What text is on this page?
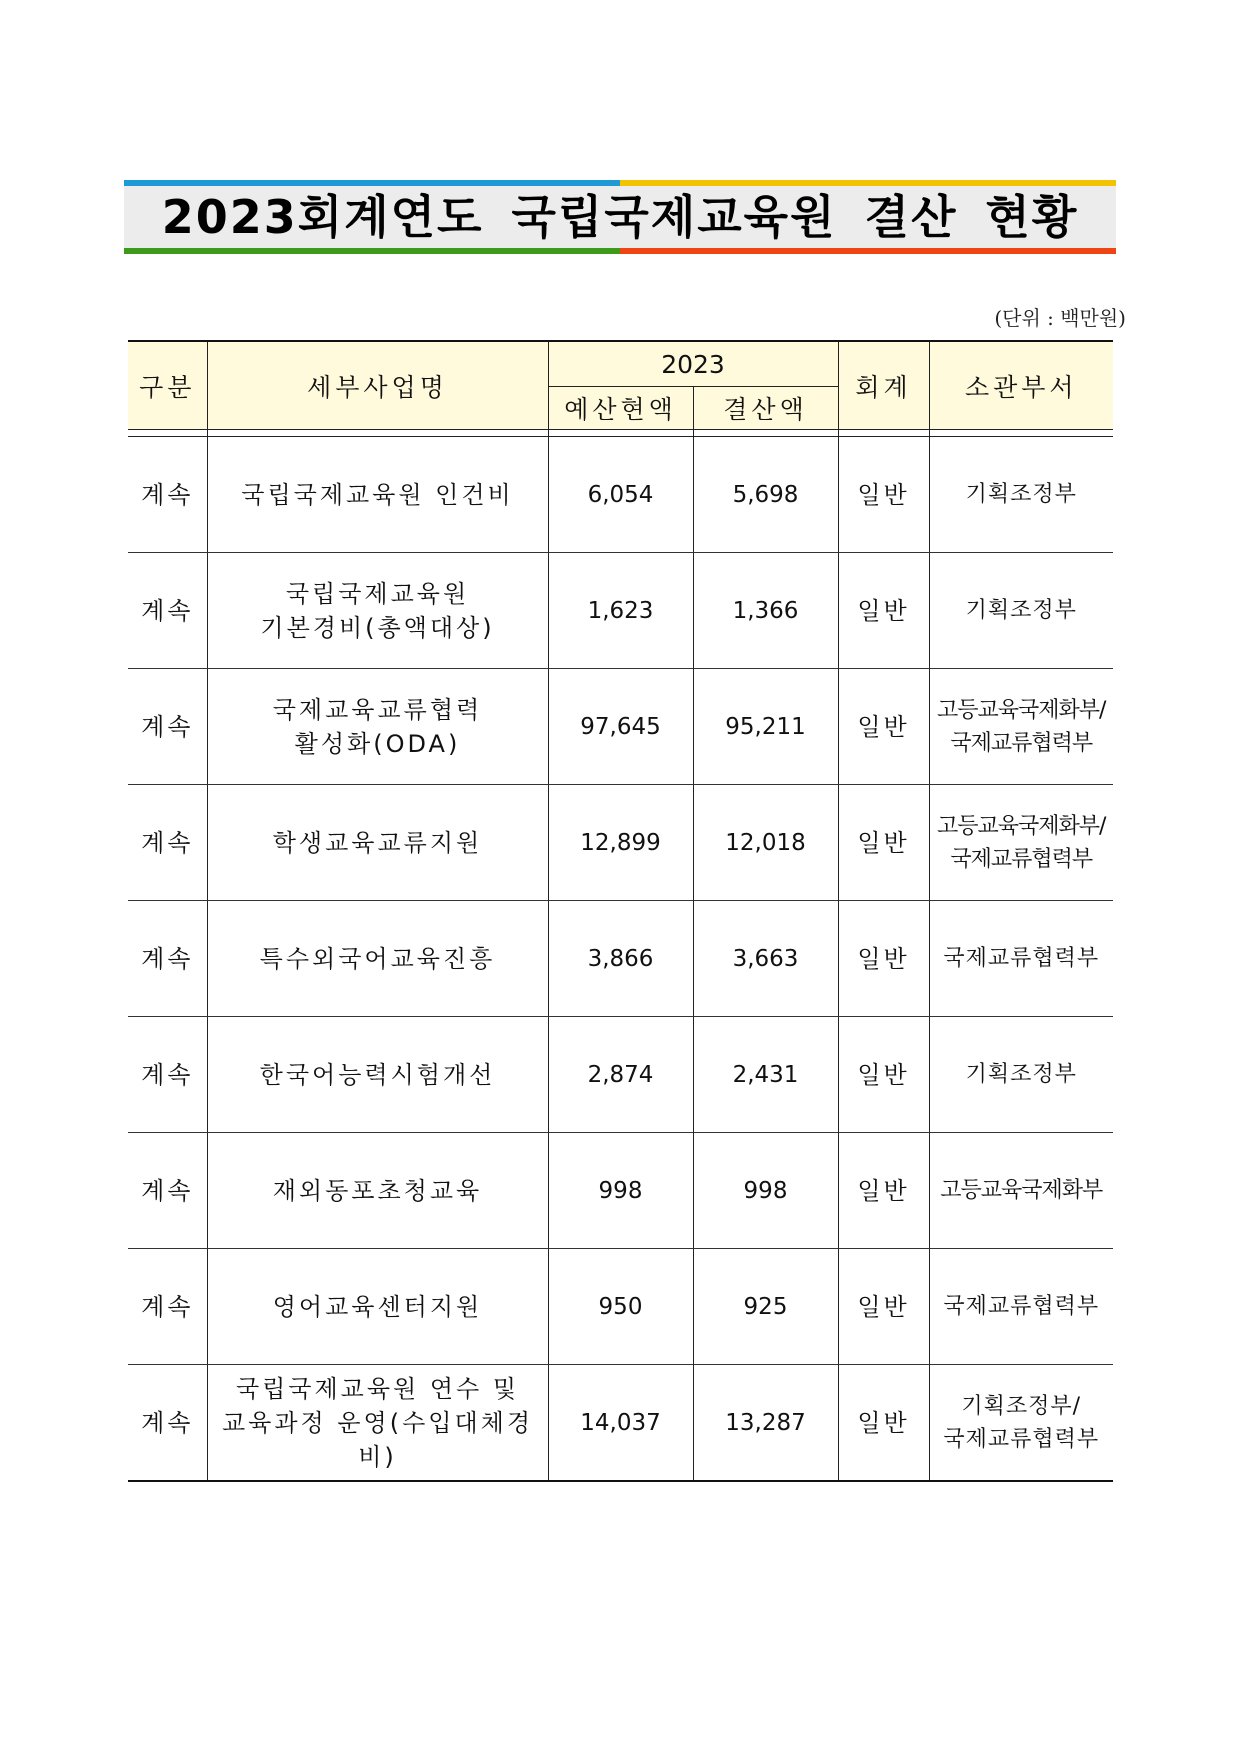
2023회계연도 국립국제교육원 결산 현황
(단위 : 백만원)
구분	세부사업명	2023		회계	소관부서
		예산현액	결산액		

계속	국립국제교육원 인건비	6,054	5,698	일반	기획조정부
계속	국립국제교육원
기본경비(총액대상)	1,623	1,366	일반	기획조정부
계속	국제교육교류협력
활성화(ODA)	97,645	95,211	일반	고등교육국제화부/
국제교류협력부
계속	학생교육교류지원	12,899	12,018	일반	고등교육국제화부/
국제교류협력부
계속	특수외국어교육진흥	3,866	3,663	일반	국제교류협력부
계속	한국어능력시험개선	2,874	2,431	일반	기획조정부
계속	재외동포초청교육	998	998	일반	고등교육국제화부
계속	영어교육센터지원	950	925	일반	국제교류협력부
계속	국립국제교육원 연수 및
교육과정 운영(수입대체경비)	14,037	13,287	일반	기획조정부/
국제교류협력부
